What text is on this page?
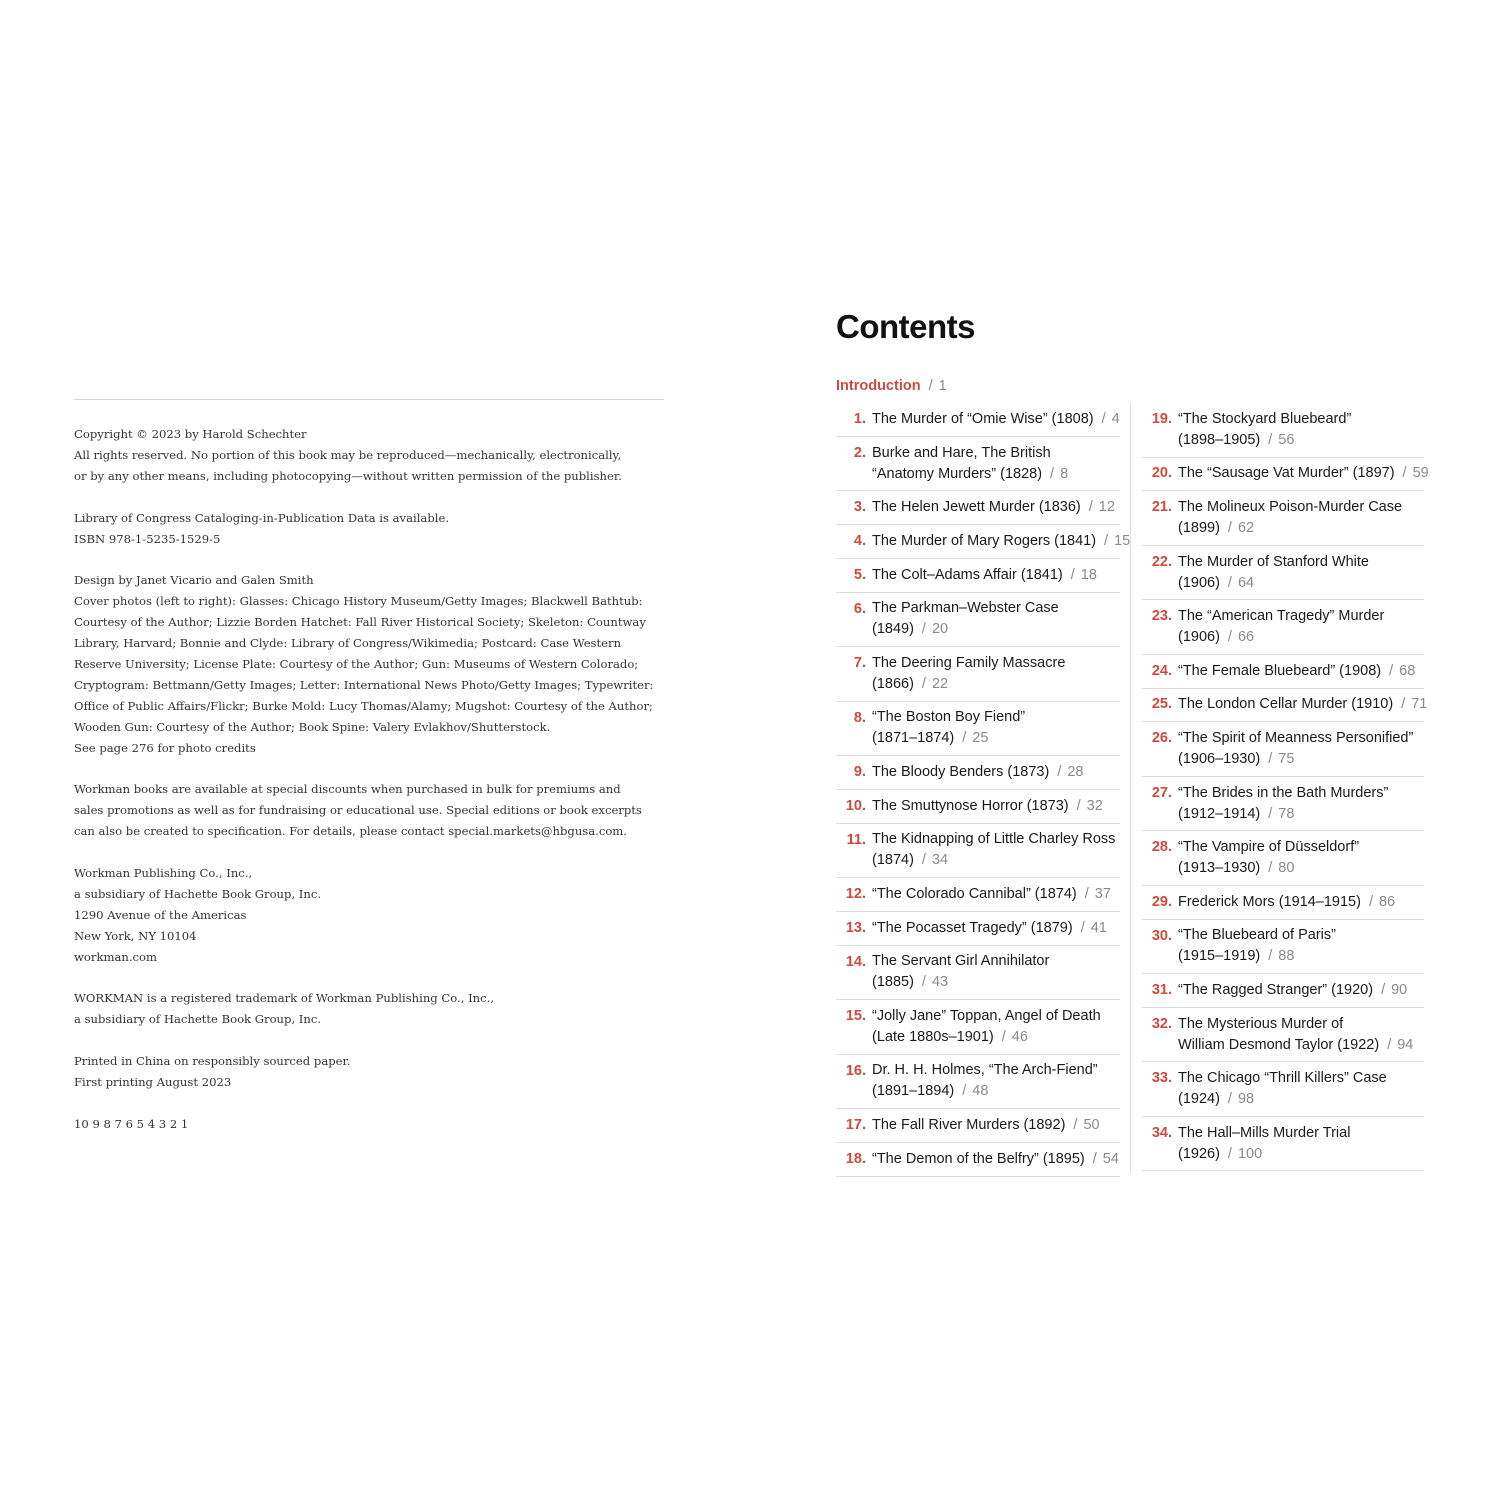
Copyright © 2023 by Harold Schechter
All rights reserved. No portion of this book may be reproduced—mechanically, electronically,
or by any other means, including photocopying—without written permission of the publisher.
Library of Congress Cataloging-in-Publication Data is available.
ISBN 978-1-5235-1529-5
Design by Janet Vicario and Galen Smith
Cover photos (left to right): Glasses: Chicago History Museum/Getty Images; Blackwell Bathtub:
Courtesy of the Author; Lizzie Borden Hatchet: Fall River Historical Society; Skeleton: Countway
Library, Harvard; Bonnie and Clyde: Library of Congress/Wikimedia; Postcard: Case Western
Reserve University; License Plate: Courtesy of the Author; Gun: Museums of Western Colorado;
Cryptogram: Bettmann/Getty Images; Letter: International News Photo/Getty Images; Typewriter:
Office of Public Affairs/Flickr; Burke Mold: Lucy Thomas/Alamy; Mugshot: Courtesy of the Author;
Wooden Gun: Courtesy of the Author; Book Spine: Valery Evlakhov/Shutterstock.
See page 276 for photo credits
Workman books are available at special discounts when purchased in bulk for premiums and
sales promotions as well as for fundraising or educational use. Special editions or book excerpts
can also be created to specification. For details, please contact special.markets@hbgusa.com.
Workman Publishing Co., Inc.,
a subsidiary of Hachette Book Group, Inc.
1290 Avenue of the Americas
New York, NY 10104
workman.com
WORKMAN is a registered trademark of Workman Publishing Co., Inc.,
a subsidiary of Hachette Book Group, Inc.
Printed in China on responsibly sourced paper.
First printing August 2023
10 9 8 7 6 5 4 3 2 1
Contents
Introduction / 1
1. The Murder of “Omie Wise” (1808) / 4
2. Burke and Hare, The British
“Anatomy Murders” (1828) / 8
3. The Helen Jewett Murder (1836) / 12
4. The Murder of Mary Rogers (1841) / 15
5. The Colt–Adams Affair (1841) / 18
6. The Parkman–Webster Case
(1849) / 20
7. The Deering Family Massacre
(1866) / 22
8. “The Boston Boy Fiend”
(1871–1874) / 25
9. The Bloody Benders (1873) / 28
10. The Smuttynose Horror (1873) / 32
11. The Kidnapping of Little Charley Ross
(1874) / 34
12. “The Colorado Cannibal” (1874) / 37
13. “The Pocasset Tragedy” (1879) / 41
14. The Servant Girl Annihilator
(1885) / 43
15. “Jolly Jane” Toppan, Angel of Death
(Late 1880s–1901) / 46
16. Dr. H. H. Holmes, “The Arch-Fiend”
(1891–1894) / 48
17. The Fall River Murders (1892) / 50
18. “The Demon of the Belfry” (1895) / 54
19. “The Stockyard Bluebeard”
(1898–1905) / 56
20. The “Sausage Vat Murder” (1897) / 59
21. The Molineux Poison-Murder Case
(1899) / 62
22. The Murder of Stanford White
(1906) / 64
23. The “American Tragedy” Murder
(1906) / 66
24. “The Female Bluebeard” (1908) / 68
25. The London Cellar Murder (1910) / 71
26. “The Spirit of Meanness Personified”
(1906–1930) / 75
27. “The Brides in the Bath Murders”
(1912–1914) / 78
28. “The Vampire of Düsseldorf”
(1913–1930) / 80
29. Frederick Mors (1914–1915) / 86
30. “The Bluebeard of Paris”
(1915–1919) / 88
31. “The Ragged Stranger” (1920) / 90
32. The Mysterious Murder of
William Desmond Taylor (1922) / 94
33. The Chicago “Thrill Killers” Case
(1924) / 98
34. The Hall–Mills Murder Trial
(1926) / 100
